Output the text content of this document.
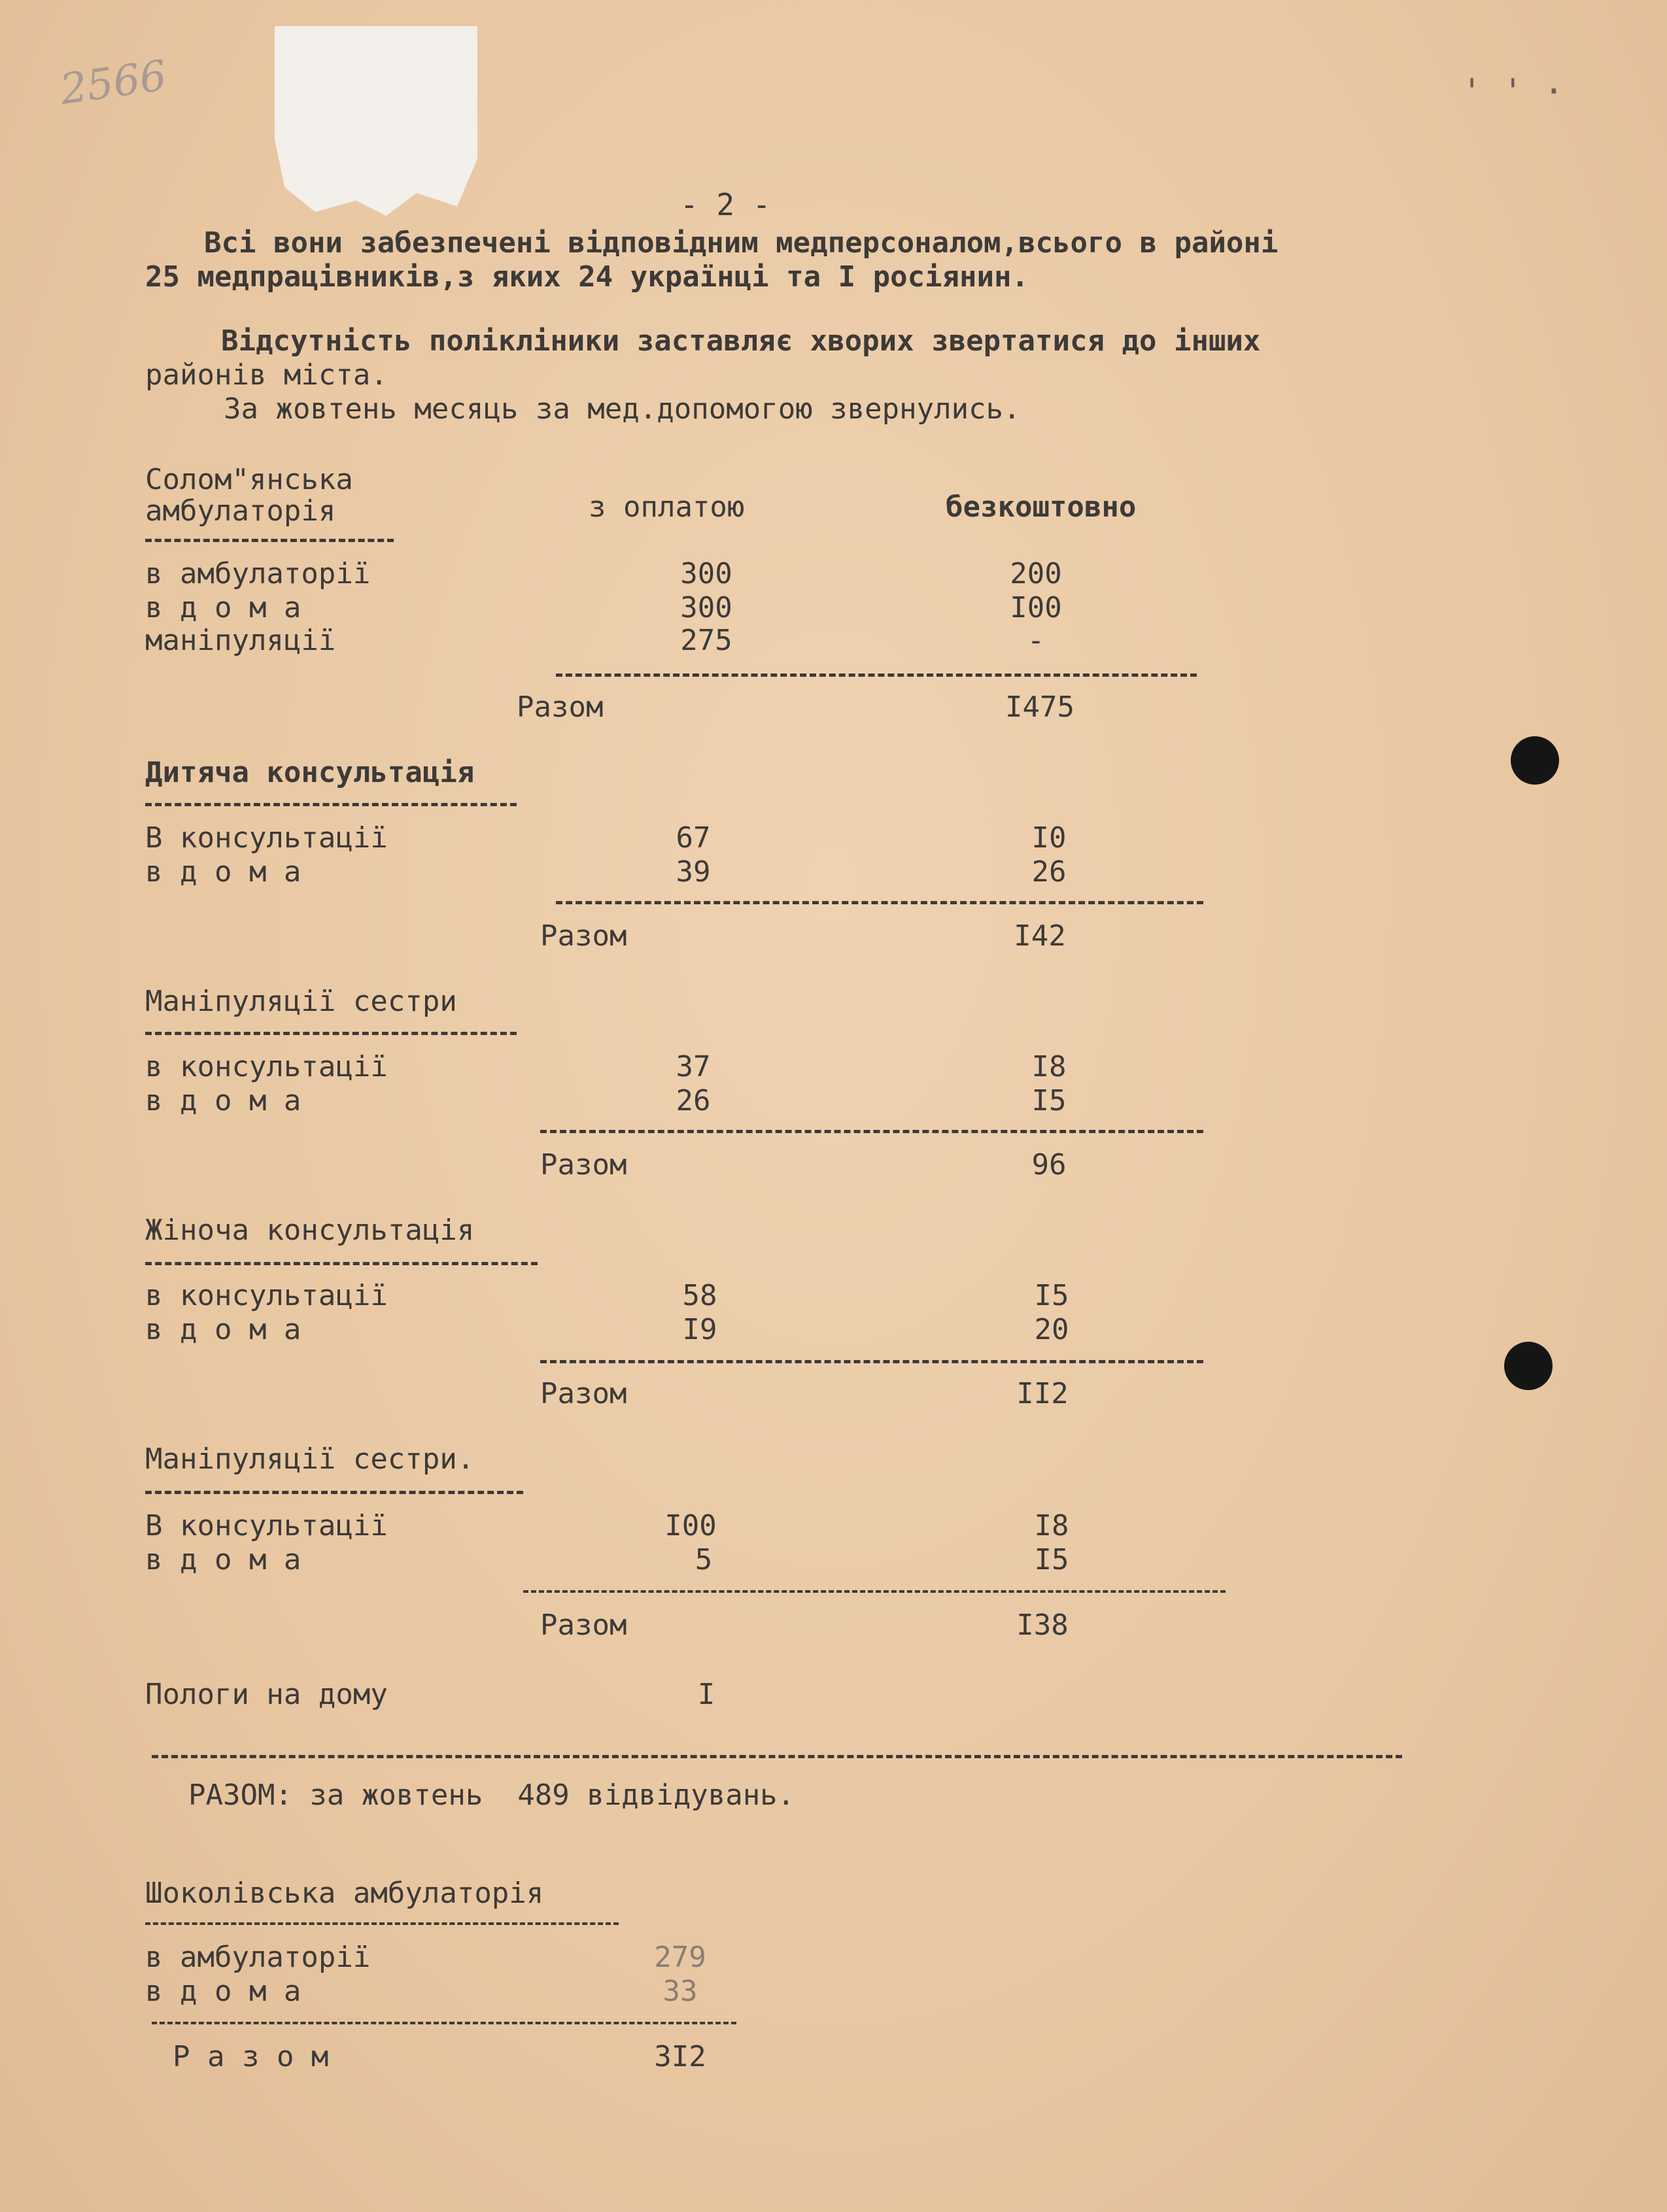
2566	' ' ·
- 2 -
Всі вони забезпечені відповідним медперсоналом,всього в районі
25 медпрацівників,з яких 24 українці та І росіянин.
Відсутність полікліники заставляє хворих звертатися до інших
районів міста.
За жовтень месяць за мед.допомогою звернулись.
з оплатою	безкоштовно
Солом"янська
амбулаторія
в амбулаторії	300	200
в д о м а	300	I00
маніпуляції	275	-
Разом	I475
Дитяча консультація
В консультації	67	I0
в д о м а	39	26
Разом	I42
Маніпуляції сестри
в консультації	37	I8
в д о м а	26	I5
Разом	96
Жіноча консультація
в консультації	58	I5
в д о м а	I9	20
Разом	II2
Маніпуляції сестри.
В консультації	I00	I8
в д о м а	5	I5
Разом	I38
Пологи на дому	I
РАЗОМ: за жовтень  489 відвідувань.
Шоколівська амбулаторія
в амбулаторії	279
в д о м а	33
Р а з о м	3I2
